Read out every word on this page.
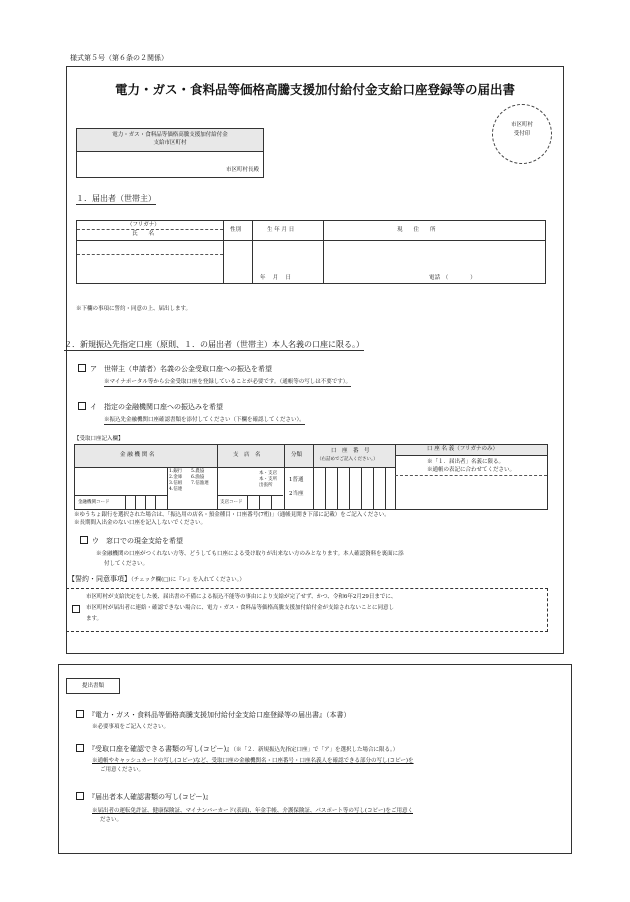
様式第５号（第６条の２関係）
電力・ガス・食料品等価格高騰支援加付給付金支給口座登録等の届出書
市区町村
受付印
電力・ガス・食料品等価格高騰支援加付給付金
支給市区町村
市区町村長殿
１．届出者（世帯主）
（フリガナ）
氏　　名
性別	生 年 月 日	現　　住　　所
年　 月　 日	電話　（　　　　）
※下欄の事項に誓約・同意の上、届出します。
２．新規振込先指定口座（原則、１．の届出者（世帯主）本人名義の口座に限る。）
ア　世帯主（申請者）名義の公金受取口座への振込を希望
※マイナポータル等から公金受取口座を登録していることが必要です。（通帳等の写しは不要です）。
イ　指定の金融機関口座への振込みを希望
※振込先金融機関口座確認書類を添付してください（下欄を確認してください）。
【受取口座記入欄】
金 融 機 関 名	支　店　名	分類
口　座　番　号
（右詰めでご記入ください。）
口 座 名 義（フリガナのみ）
※「１．届出者」名義に限る。
※通帳の表記に合わせてください。
1.銀行
2.金庫
3.信組
4.信連
5.農協
6.漁協
7.信漁連
本・支店
本・支所
出張所
1普通
2当座
金融機関コード	支店コード
※ゆうちょ銀行を選択された場合は、「振込用の店名・預金種目・口座番号(7桁)」（通帳見開き下部に記載）をご記入ください。
※長期間入出金のない口座を記入しないでください。
ウ　窓口での現金支給を希望
※金融機関の口座がつくれない方等、どうしても口座による受け取りが出来ない方のみとなります。本人確認資料を裏面に添
付してください。
【誓約・同意事項】（チェック欄(□)に『レ』を入れてください。）
市区町村が支給決定をした後、届出書の不備による振込不能等の事由により支給が完了せず、かつ、令和6年2月29日までに、
市区町村が届出者に連絡・確認できない場合に、電力・ガス・食料品等価格高騰支援加付給付金が支給されないことに同意し
ます。
提出書類
『電力・ガス・食料品等価格高騰支援加付給付金支給口座登録等の届出書』（本書）
※必要事項をご記入ください。
『受取口座を確認できる書類の写し(コピー)』（※「２．新規振込先指定口座」で「ア」を選択した場合に限る。）
※通帳やキャッシュカードの写し(コピー)など、受取口座の金融機関名・口座番号・口座名義人を確認できる部分の写し(コピー)を
ご用意ください。
『届出者本人確認書類の写し(コピー)』
※届出者の運転免許証、健康保険証、マイナンバーカード(表面)、年金手帳、介護保険証、パスポート等の写し(コピー)をご用意く
ださい。
